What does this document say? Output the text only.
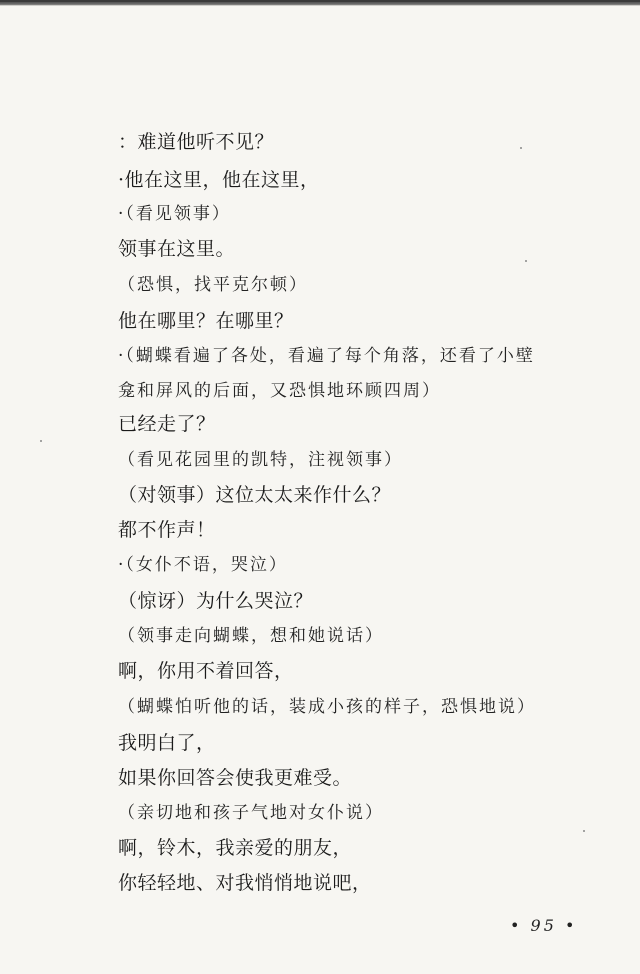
：难道他听不见？
·他在这里，他在这里，
·（看见领事）
领事在这里。
（恐惧，找平克尔顿）
他在哪里？在哪里？
·（蝴蝶看遍了各处，看遍了每个角落，还看了小壁
龛和屏风的后面，又恐惧地环顾四周）
已经走了？
（看见花园里的凯特，注视领事）
（对领事）这位太太来作什么？
都不作声！
·（女仆不语，哭泣）
（惊讶）为什么哭泣？
（领事走向蝴蝶，想和她说话）
啊，你用不着回答，
（蝴蝶怕听他的话，装成小孩的样子，恐惧地说）
我明白了，
如果你回答会使我更难受。
（亲切地和孩子气地对女仆说）
啊，铃木，我亲爱的朋友，
你轻轻地、对我悄悄地说吧，
• 95 •
